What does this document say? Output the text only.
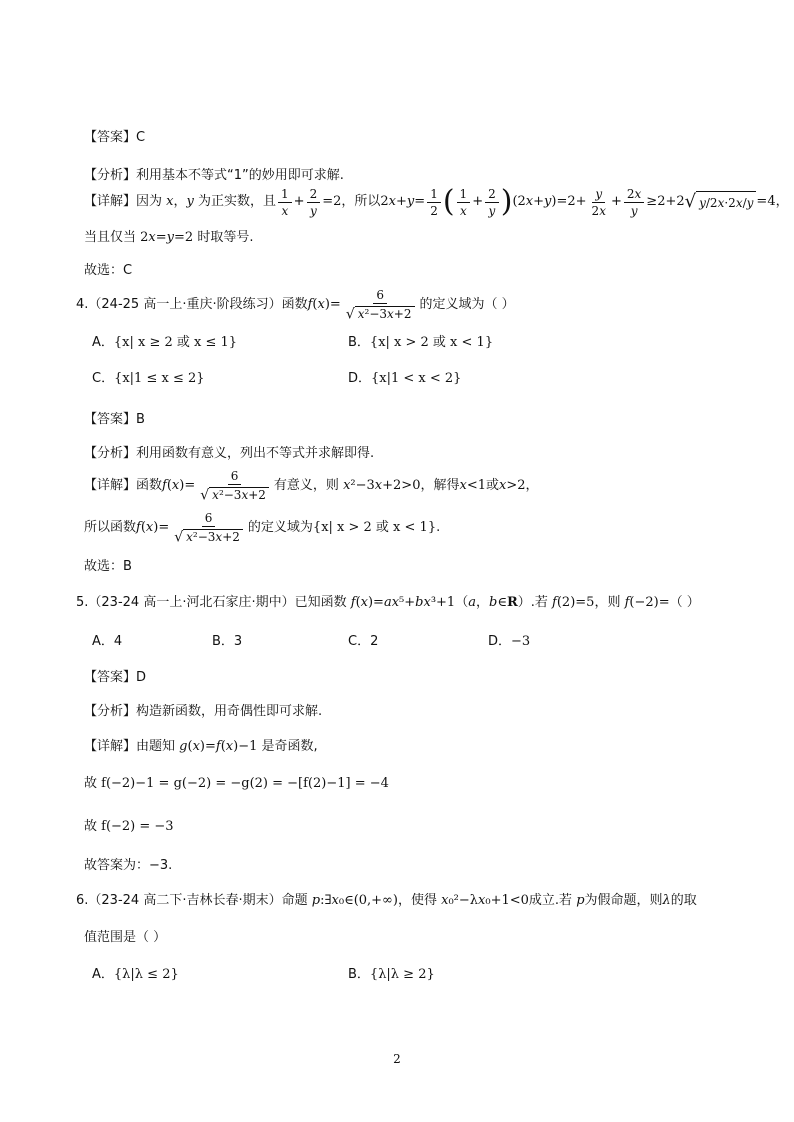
【答案】C
【分析】利用基本不等式“1”的妙用即可求解.
【详解】 因为 x ， y 为正实数，且 $\frac{1}{x} + \frac{2}{y} =2$ ，所以 $2x+y= \frac{1}{2}$ ( $\frac{1}{x} + \frac{2}{y}$ ) $(2x+y)=2+ \frac{y}{2x} + \frac{2x}{y} \ge 2+2$ √ y/2x·2x/y =4 ，
当且仅当 2x=y=2 时取等号.
故选：C
4. （24-25 高一上·重庆·阶段练习） 函数 $f(x)= \frac{6}{\text{√ x²−3x+2}}$ 的定义域为（ ）
A．{x| x ≥ 2 或 x ≤ 1}	B．{x| x > 2 或 x < 1}
C．{x|1 ≤ x ≤ 2}	D．{x|1 < x < 2}
【答案】B
【分析】利用函数有意义，列出不等式并求解即得.
【详解】 函数 $f(x)= \frac{6}{\text{√ x²−3x+2}}$ 有意义，则 x²−3x+2>0 ，解得 x<1 或 x>2 ，
所以函数 $f(x)= \frac{6}{\text{√ x²−3x+2}}$ 的定义域为 {x| x > 2 或 x < 1} .
故选：B
5.（23-24 高一上·河北石家庄·期中）已知函数 f(x)=ax⁵+bx³+1（a，b∈R）.若 f(2)=5，则 f(−2)=（ ）
A．4	B．3	C．2	D．−3
【答案】D
【分析】构造新函数，用奇偶性即可求解.
【详解】由题知 g(x)=f(x)−1 是奇函数,
故 f(−2)−1 = g(−2) = −g(2) = −[f(2)−1] = −4
故 f(−2) = −3
故答案为：−3.
6.（23-24 高二下·吉林长春·期末）命题 p:∃x₀∈(0,+∞)，使得 x₀²−λx₀+1<0成立.若 p为假命题，则λ的取
值范围是（ ）
A．{λ|λ ≤ 2}	B．{λ|λ ≥ 2}
2
